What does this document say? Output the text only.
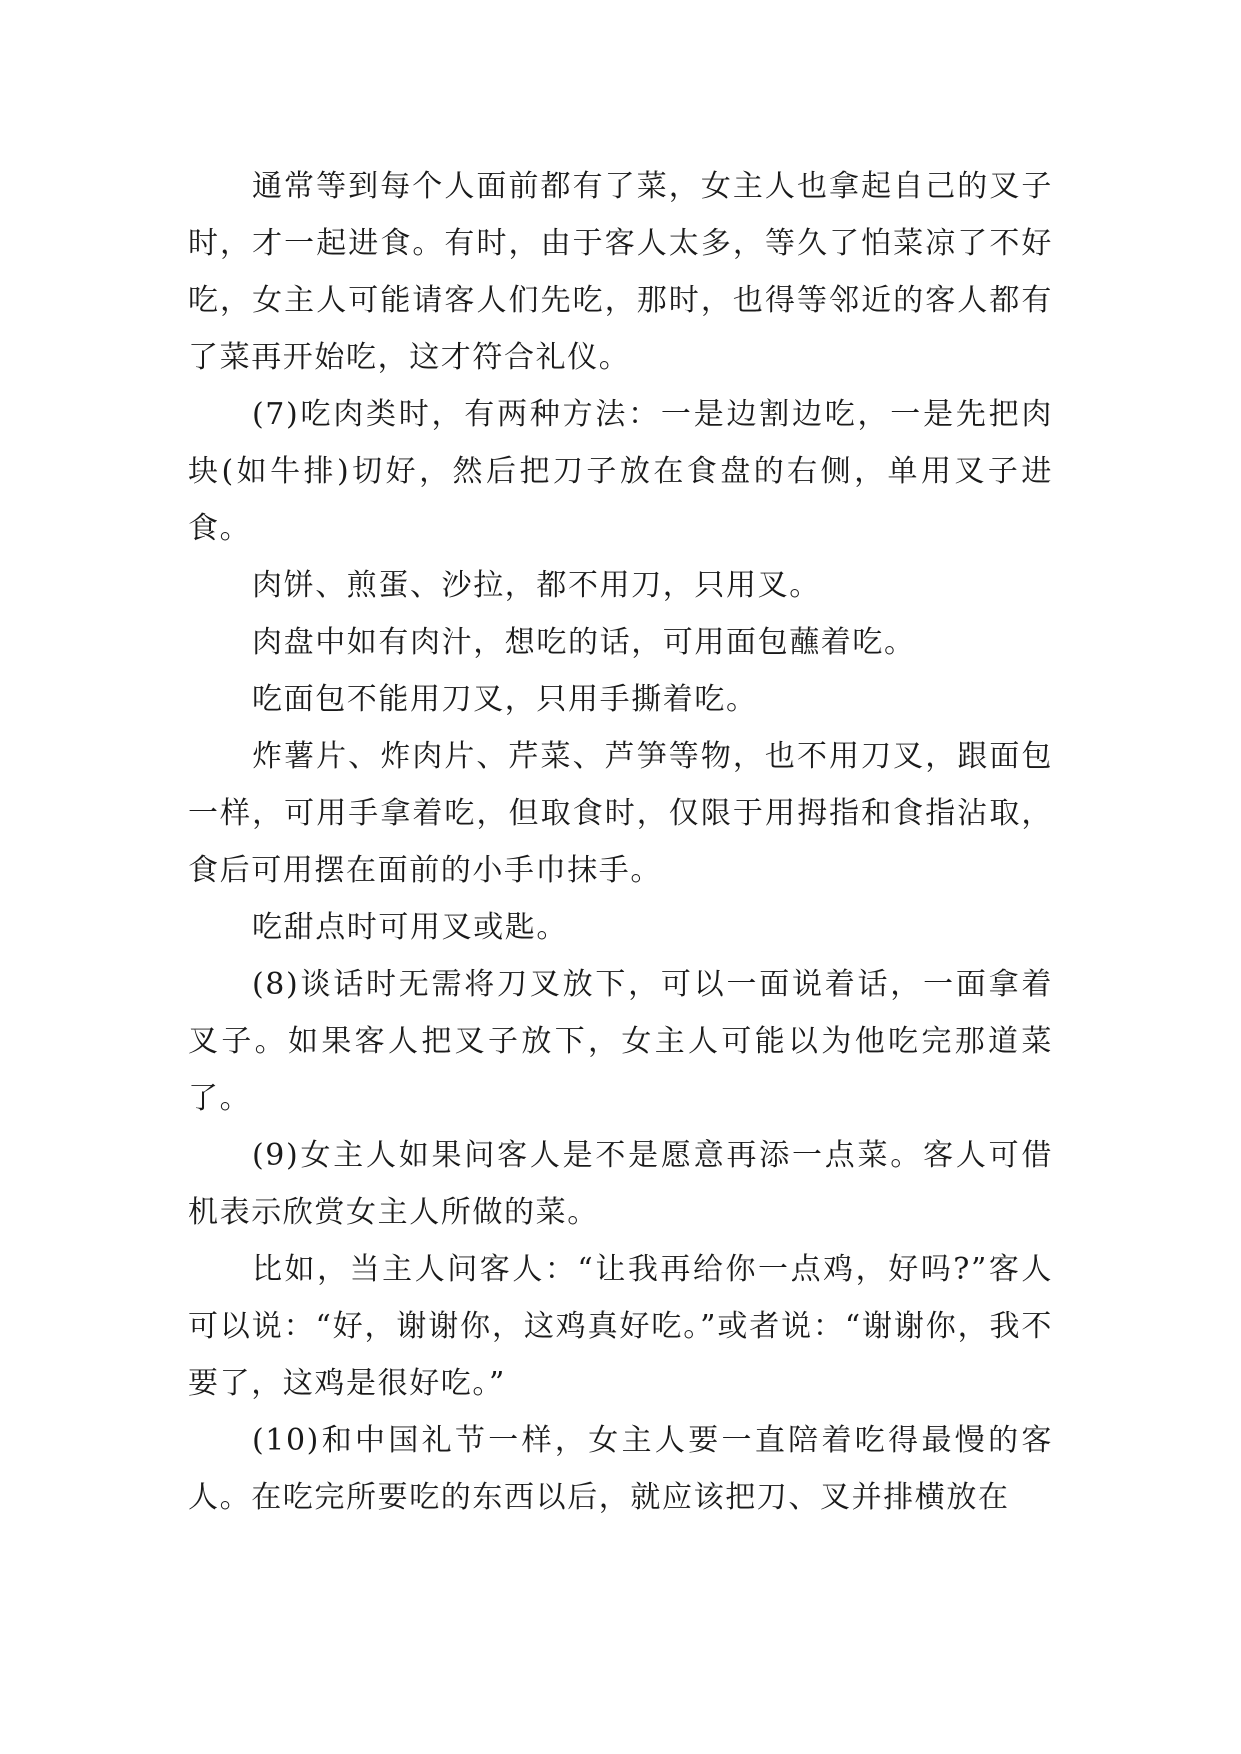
通常等到每个人面前都有了菜，女主人也拿起自己的叉子时，才一起进食。有时，由于客人太多，等久了怕菜凉了不好吃，女主人可能请客人们先吃，那时，也得等邻近的客人都有了菜再开始吃，这才符合礼仪。

(7)吃肉类时，有两种方法：一是边割边吃，一是先把肉块(如牛排)切好，然后把刀子放在食盘的右侧，单用叉子进食。

肉饼、煎蛋、沙拉，都不用刀，只用叉。

肉盘中如有肉汁，想吃的话，可用面包蘸着吃。

吃面包不能用刀叉，只用手撕着吃。

炸薯片、炸肉片、芹菜、芦笋等物，也不用刀叉，跟面包一样，可用手拿着吃，但取食时，仅限于用拇指和食指沾取，食后可用摆在面前的小手巾抹手。

吃甜点时可用叉或匙。

(8)谈话时无需将刀叉放下，可以一面说着话，一面拿着叉子。如果客人把叉子放下，女主人可能以为他吃完那道菜了。

(9)女主人如果问客人是不是愿意再添一点菜。客人可借机表示欣赏女主人所做的菜。

比如，当主人问客人：“让我再给你一点鸡，好吗?”客人可以说：“好，谢谢你，这鸡真好吃。”或者说：“谢谢你，我不要了，这鸡是很好吃。”

(10)和中国礼节一样，女主人要一直陪着吃得最慢的客人。在吃完所要吃的东西以后，就应该把刀、叉并排横放在
